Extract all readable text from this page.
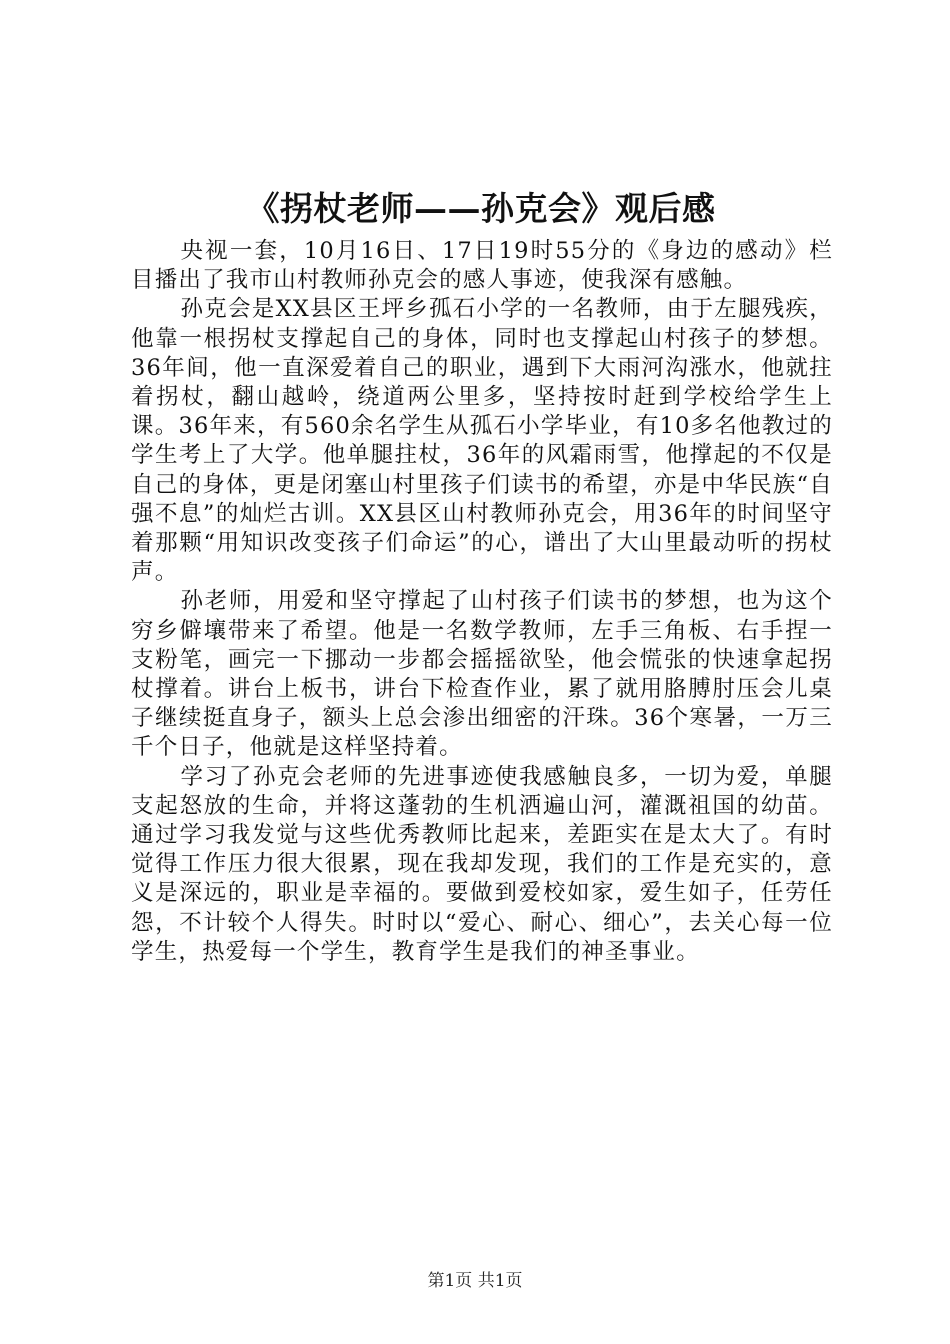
《拐杖老师——孙克会》观后感

央视一套，10月16日、17日19时55分的《身边的感动》栏目播出了我市山村教师孙克会的感人事迹，使我深有感触。

孙克会是XX县区王坪乡孤石小学的一名教师，由于左腿残疾，他靠一根拐杖支撑起自己的身体，同时也支撑起山村孩子的梦想。36年间，他一直深爱着自己的职业，遇到下大雨河沟涨水，他就拄着拐杖，翻山越岭，绕道两公里多，坚持按时赶到学校给学生上课。36年来，有560余名学生从孤石小学毕业，有10多名他教过的学生考上了大学。他单腿拄杖，36年的风霜雨雪，他撑起的不仅是自己的身体，更是闭塞山村里孩子们读书的希望，亦是中华民族“自强不息”的灿烂古训。XX县区山村教师孙克会，用36年的时间坚守着那颗“用知识改变孩子们命运”的心，谱出了大山里最动听的拐杖声。

孙老师，用爱和坚守撑起了山村孩子们读书的梦想，也为这个穷乡僻壤带来了希望。他是一名数学教师，左手三角板、右手捏一支粉笔，画完一下挪动一步都会摇摇欲坠，他会慌张的快速拿起拐杖撑着。讲台上板书，讲台下检查作业，累了就用胳膊肘压会儿桌子继续挺直身子，额头上总会渗出细密的汗珠。36个寒暑，一万三千个日子，他就是这样坚持着。

学习了孙克会老师的先进事迹使我感触良多，一切为爱，单腿支起怒放的生命，并将这蓬勃的生机洒遍山河，灌溉祖国的幼苗。通过学习我发觉与这些优秀教师比起来，差距实在是太大了。有时觉得工作压力很大很累，现在我却发现，我们的工作是充实的，意义是深远的，职业是幸福的。要做到爱校如家，爱生如子，任劳任怨，不计较个人得失。时时以“爱心、耐心、细心”，去关心每一位学生，热爱每一个学生，教育学生是我们的神圣事业。

第1页 共1页
